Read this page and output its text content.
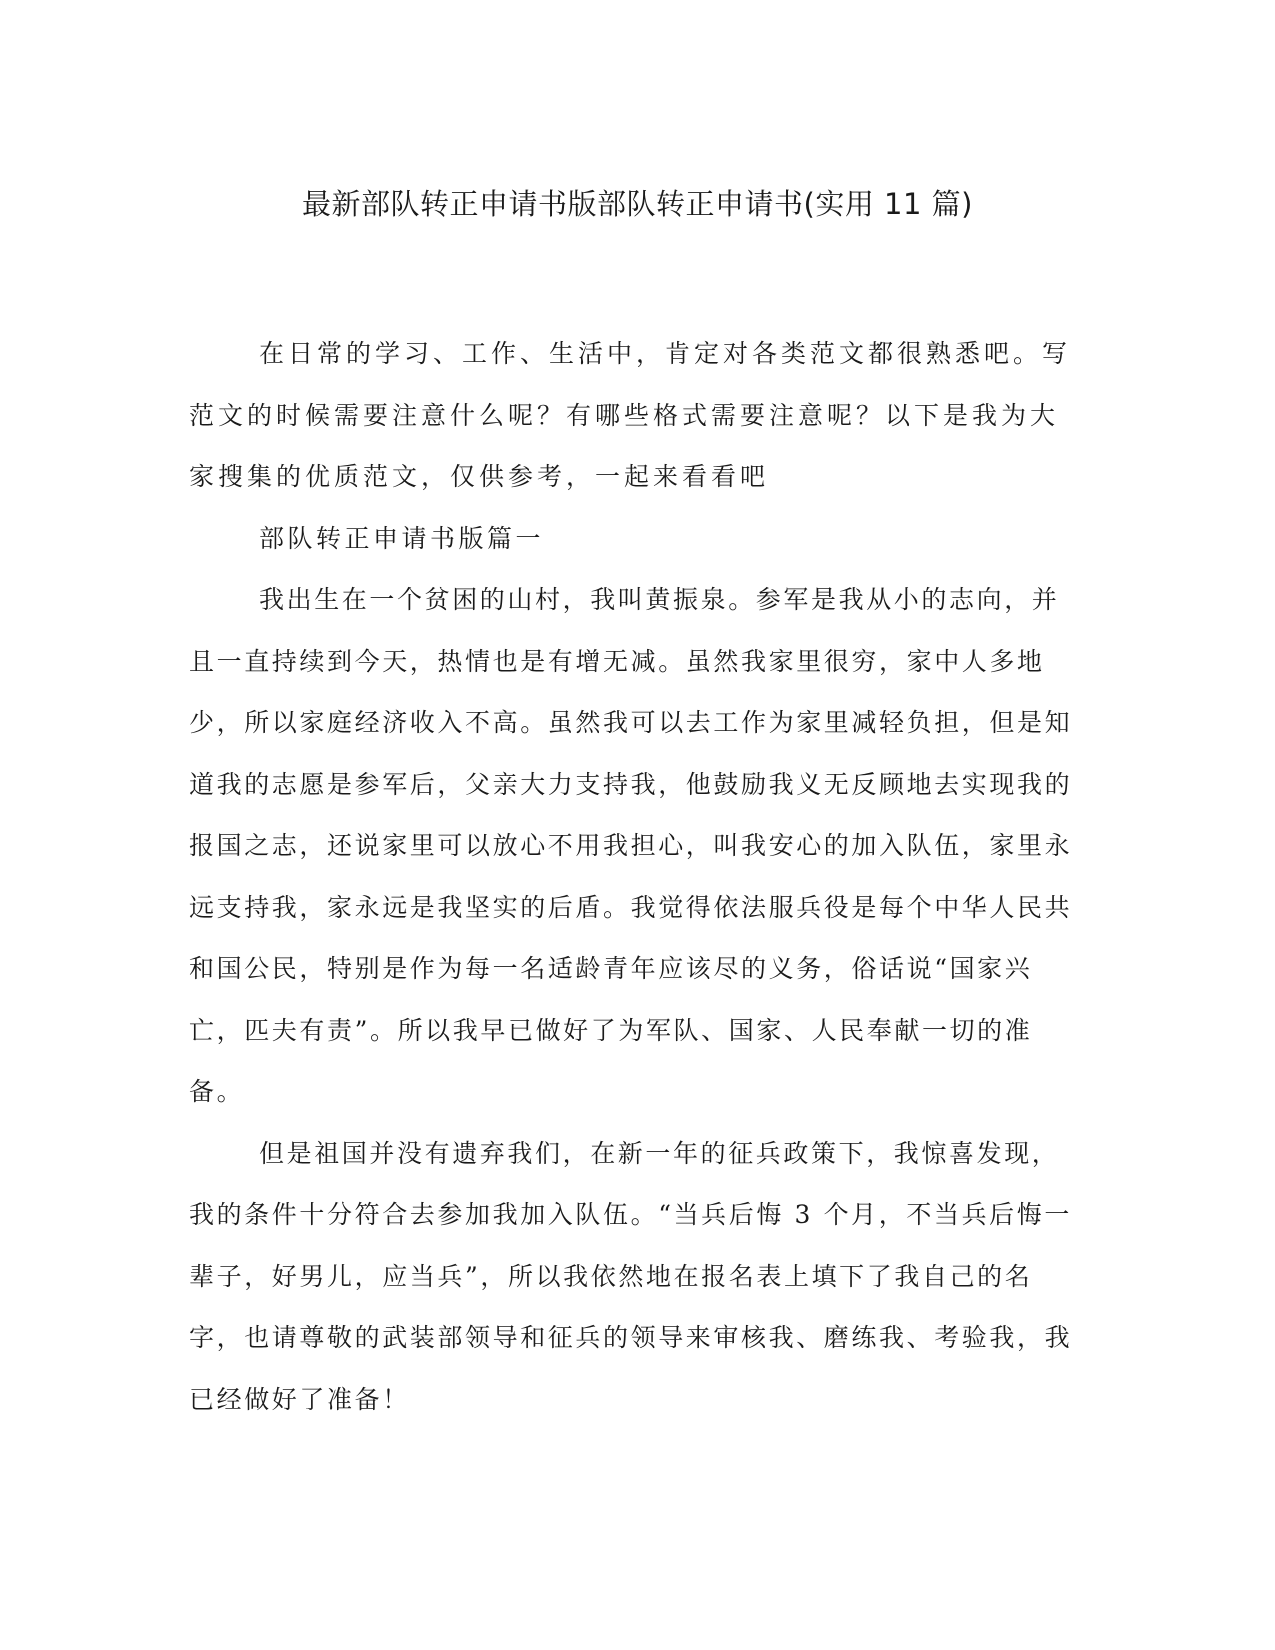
最新部队转正申请书版部队转正申请书(实用 11 篇)

在日常的学习、工作、生活中，肯定对各类范文都很熟悉吧。写范文的时候需要注意什么呢？有哪些格式需要注意呢？以下是我为大家搜集的优质范文，仅供参考，一起来看看吧

部队转正申请书版篇一

我出生在一个贫困的山村，我叫黄振泉。参军是我从小的志向，并且一直持续到今天，热情也是有增无减。虽然我家里很穷，家中人多地少，所以家庭经济收入不高。虽然我可以去工作为家里减轻负担，但是知道我的志愿是参军后，父亲大力支持我，他鼓励我义无反顾地去实现我的报国之志，还说家里可以放心不用我担心，叫我安心的加入队伍，家里永远支持我，家永远是我坚实的后盾。我觉得依法服兵役是每个中华人民共和国公民，特别是作为每一名适龄青年应该尽的义务，俗话说“国家兴亡，匹夫有责”。所以我早已做好了为军队、国家、人民奉献一切的准备。

但是祖国并没有遗弃我们，在新一年的征兵政策下，我惊喜发现，我的条件十分符合去参加我加入队伍。“当兵后悔 3 个月，不当兵后悔一辈子，好男儿，应当兵”，所以我依然地在报名表上填下了我自己的名字，也请尊敬的武装部领导和征兵的领导来审核我、磨练我、考验我，我已经做好了准备！
